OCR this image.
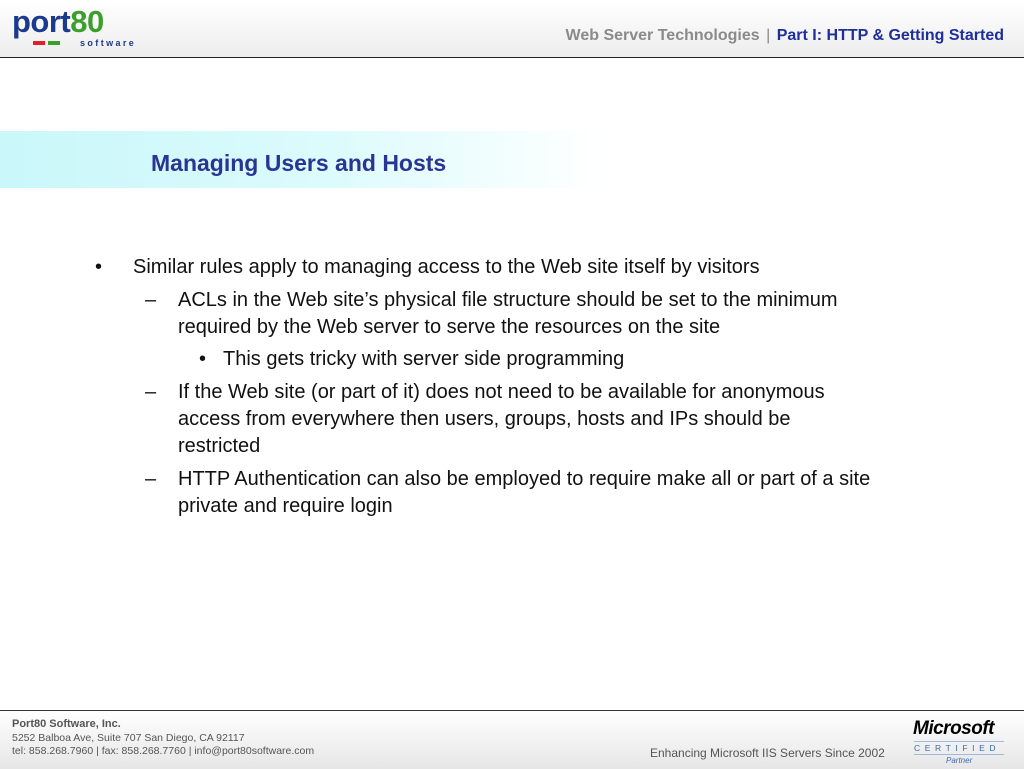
port80
software	Web Server Technologies | Part I: HTTP & Getting Started
Managing Users and Hosts
• Similar rules apply to managing access to the Web site itself by visitors
– ACLs in the Web site’s physical file structure should be set to the minimum
required by the Web server to serve the resources on the site
• This gets tricky with server side programming
– If the Web site (or part of it) does not need to be available for anonymous
access from everywhere then users, groups, hosts and IPs should be
restricted
– HTTP Authentication can also be employed to require make all or part of a site
private and require login
Port80 Software, Inc.
5252 Balboa Ave, Suite 707 San Diego, CA 92117
tel: 858.268.7960 | fax: 858.268.7760 | info@port80software.com	Enhancing Microsoft IIS Servers Since 2002
Microsoft
CERTIFIED
Partner
